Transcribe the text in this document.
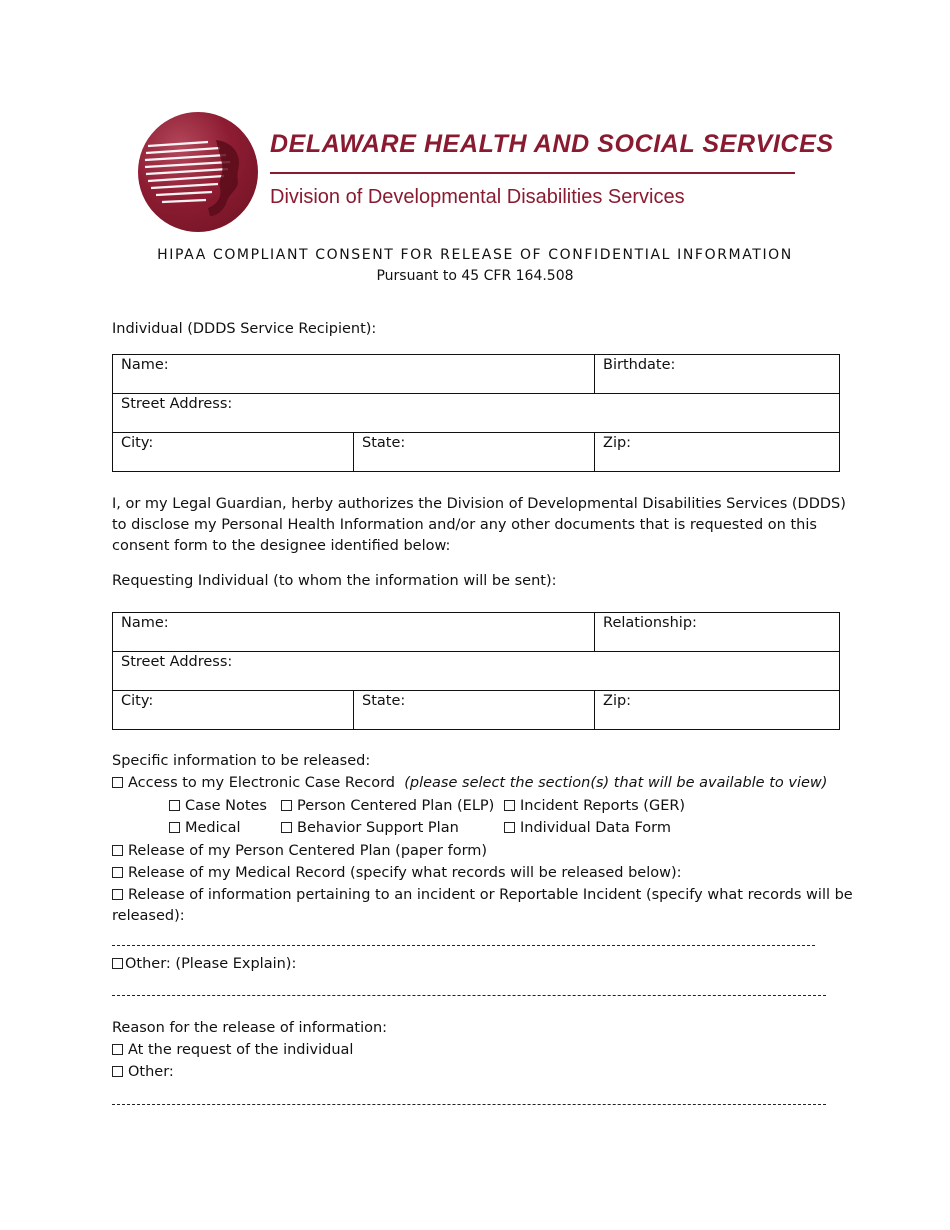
DELAWARE HEALTH AND SOCIAL SERVICES
Division of Developmental Disabilities Services
HIPAA COMPLIANT CONSENT FOR RELEASE OF CONFIDENTIAL INFORMATION
Pursuant to 45 CFR 164.508
Individual (DDDS Service Recipient):
Name:		Birthdate:
Street Address:		
City:	State:	Zip:
I, or my Legal Guardian, herby authorizes the Division of Developmental Disabilities Services (DDDS) to disclose my Personal Health Information and/or any other documents that is requested on this consent form to the designee identified below:
Requesting Individual (to whom the information will be sent):
Name:		Relationship:
Street Address:		
City:	State:	Zip:
Specific information to be released:
Access to my Electronic Case Record (please select the section(s) that will be available to view)
Case Notes	Person Centered Plan (ELP)	Incident Reports (GER)
Medical	Behavior Support Plan	Individual Data Form
Release of my Person Centered Plan (paper form)
Release of my Medical Record (specify what records will be released below):
Release of information pertaining to an incident or Reportable Incident (specify what records will be
released):
Other: (Please Explain):
Reason for the release of information:
At the request of the individual
Other:
